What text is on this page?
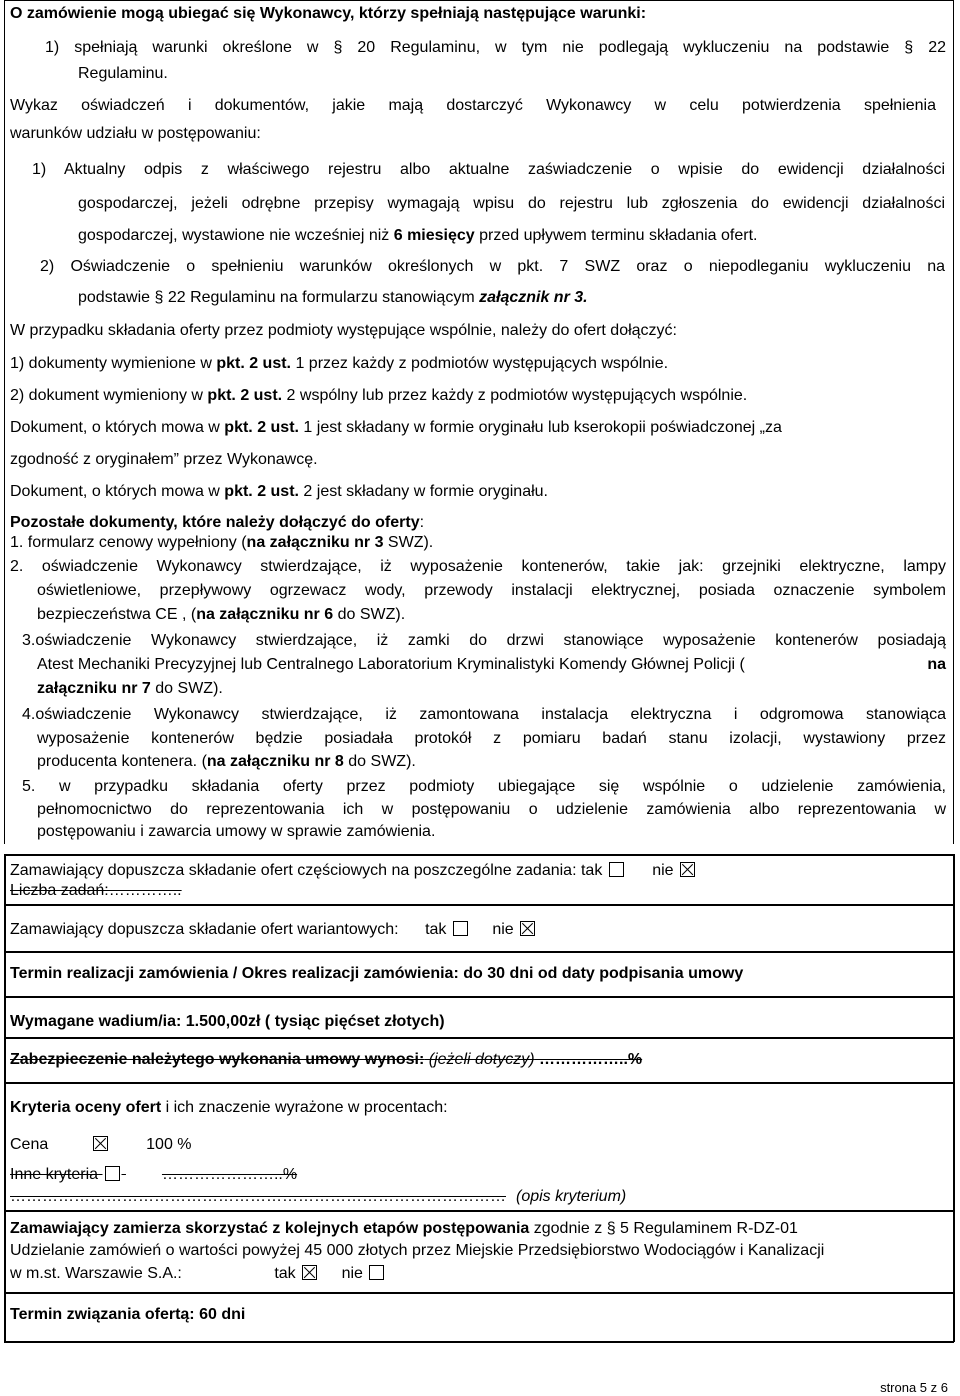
O zamówienie mogą ubiegać się Wykonawcy, którzy spełniają następujące warunki:
1) spełniają warunki określone w § 20 Regulaminu, w tym nie podlegają wykluczeniu na podstawie § 22
Regulaminu.
Wykaz oświadczeń i dokumentów, jakie mają dostarczyć Wykonawcy w celu potwierdzenia spełnienia
warunków udziału w postępowaniu:
1) Aktualny odpis z właściwego rejestru albo aktualne zaświadczenie o wpisie do ewidencji działalności
gospodarczej, jeżeli odrębne przepisy wymagają wpisu do rejestru lub zgłoszenia do ewidencji działalności
gospodarczej, wystawione nie wcześniej niż 6 miesięcy przed upływem terminu składania ofert.
2) Oświadczenie o spełnieniu warunków określonych w pkt. 7 SWZ oraz o niepodleganiu wykluczeniu na
podstawie § 22 Regulaminu na formularzu stanowiącym załącznik nr 3.
W przypadku składania oferty przez podmioty występujące wspólnie, należy do ofert dołączyć:
1) dokumenty wymienione w pkt. 2 ust. 1 przez każdy z podmiotów występujących wspólnie.
2) dokument wymieniony w pkt. 2 ust. 2 wspólny lub przez każdy z podmiotów występujących wspólnie.
Dokument, o których mowa w pkt. 2 ust. 1 jest składany w formie oryginału lub kserokopii poświadczonej „za
zgodność z oryginałem” przez Wykonawcę.
Dokument, o których mowa w pkt. 2 ust. 2 jest składany w formie oryginału.
Pozostałe dokumenty, które należy dołączyć do oferty:
1. formularz cenowy wypełniony (na załączniku nr 3 SWZ).
2. oświadczenie Wykonawcy stwierdzające, iż wyposażenie kontenerów, takie jak: grzejniki elektryczne, lampy
oświetleniowe, przepływowy ogrzewacz wody, przewody instalacji elektrycznej, posiada oznaczenie symbolem
bezpieczeństwa CE , (na załączniku nr 6 do SWZ).
3.oświadczenie Wykonawcy stwierdzające, iż zamki do drzwi stanowiące wyposażenie kontenerów posiadają
Atest Mechaniki Precyzyjnej lub Centralnego Laboratorium Kryminalistyki Komendy Głównej Policji (	na
załączniku nr 7 do SWZ).
4.oświadczenie Wykonawcy stwierdzające, iż zamontowana instalacja elektryczna i odgromowa stanowiąca
wyposażenie kontenerów będzie posiadała protokół z pomiaru badań stanu izolacji, wystawiony przez
producenta kontenera. (na załączniku nr 8 do SWZ).
5. w przypadku składania oferty przez podmioty ubiegające się wspólnie o udzielenie zamówienia,
pełnomocnictwo do reprezentowania ich w postępowaniu o udzielenie zamówienia albo reprezentowania w
postępowaniu i zawarcia umowy w sprawie zamówienia.
Zamawiający dopuszcza składanie ofert częściowych na poszczególne zadania: tak	nie
Liczba zadań:…………..
Zamawiający dopuszcza składanie ofert wariantowych: tak	nie
Termin realizacji zamówienia / Okres realizacji zamówienia: do 30 dni od daty podpisania umowy
Wymagane wadium/ia: 1.500,00zł ( tysiąc pięćset złotych)
Zabezpieczenie należytego wykonania umowy wynosi: (jeżeli dotyczy) ……………..%
Kryteria oceny ofert i ich znaczenie wyrażone w procentach:
Cena	100 %
Inne kryteria	…………………..%
………………………………………………………………………………… (opis kryterium)
Zamawiający zamierza skorzystać z kolejnych etapów postępowania zgodnie z § 5 Regulaminem R-DZ-01
Udzielanie zamówień o wartości powyżej 45 000 złotych przez Miejskie Przedsiębiorstwo Wodociągów i Kanalizacji
w m.st. Warszawie S.A.:	tak	nie
Termin związania ofertą: 60 dni
strona 5 z 6
